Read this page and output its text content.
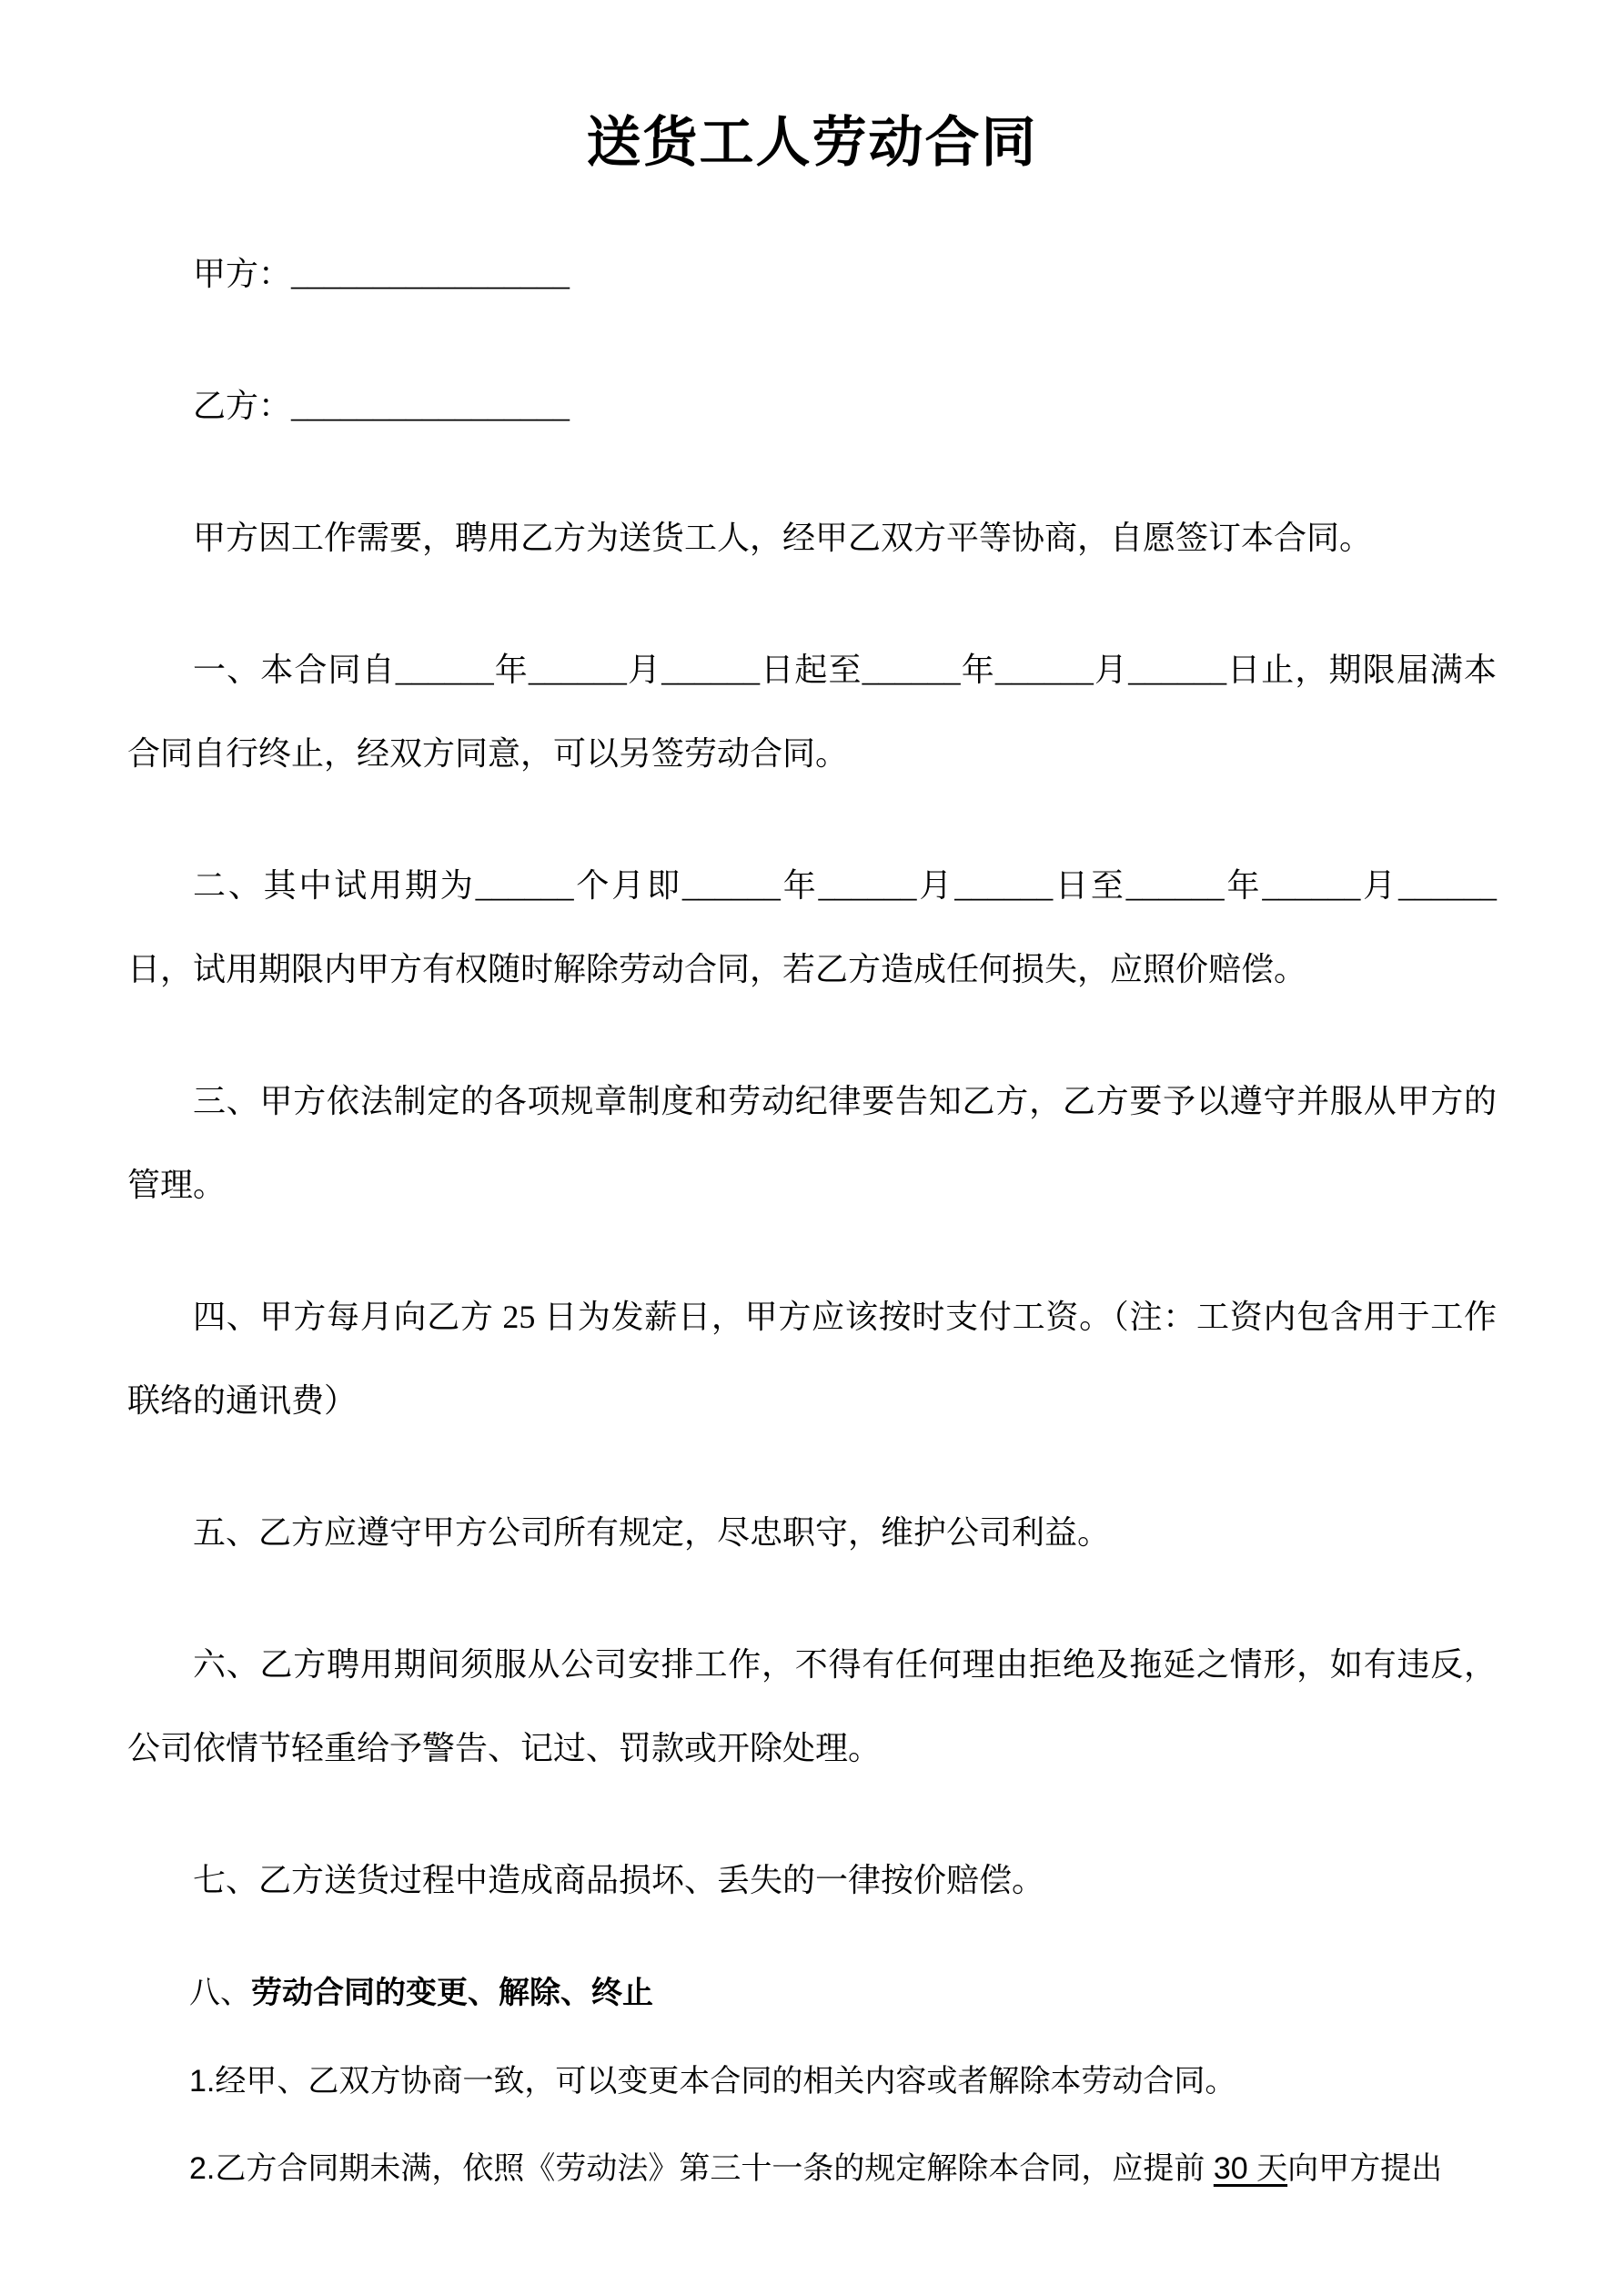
送货工人劳动合同

甲方：_________________

乙方：_________________

甲方因工作需要，聘用乙方为送货工人，经甲乙双方平等协商，自愿签订本合同。

一、本合同自______年______月______日起至______年______月______日止，期限届满本合同自行终止，经双方同意，可以另签劳动合同。

二、其中试用期为______个月即______年______月______日至______年______月______日，试用期限内甲方有权随时解除劳动合同，若乙方造成任何损失，应照价赔偿。

三、甲方依法制定的各项规章制度和劳动纪律要告知乙方，乙方要予以遵守并服从甲方的管理。

四、甲方每月向乙方 25 日为发薪日，甲方应该按时支付工资。（注：工资内包含用于工作联络的通讯费）

五、乙方应遵守甲方公司所有规定，尽忠职守，维护公司利益。

六、乙方聘用期间须服从公司安排工作，不得有任何理由拒绝及拖延之情形，如有违反，公司依情节轻重给予警告、记过、罚款或开除处理。

七、乙方送货过程中造成商品损坏、丢失的一律按价赔偿。

八、劳动合同的变更、解除、终止

1.经甲、乙双方协商一致，可以变更本合同的相关内容或者解除本劳动合同。

2.乙方合同期未满，依照《劳动法》第三十一条的规定解除本合同，应提前 30 天向甲方提出
